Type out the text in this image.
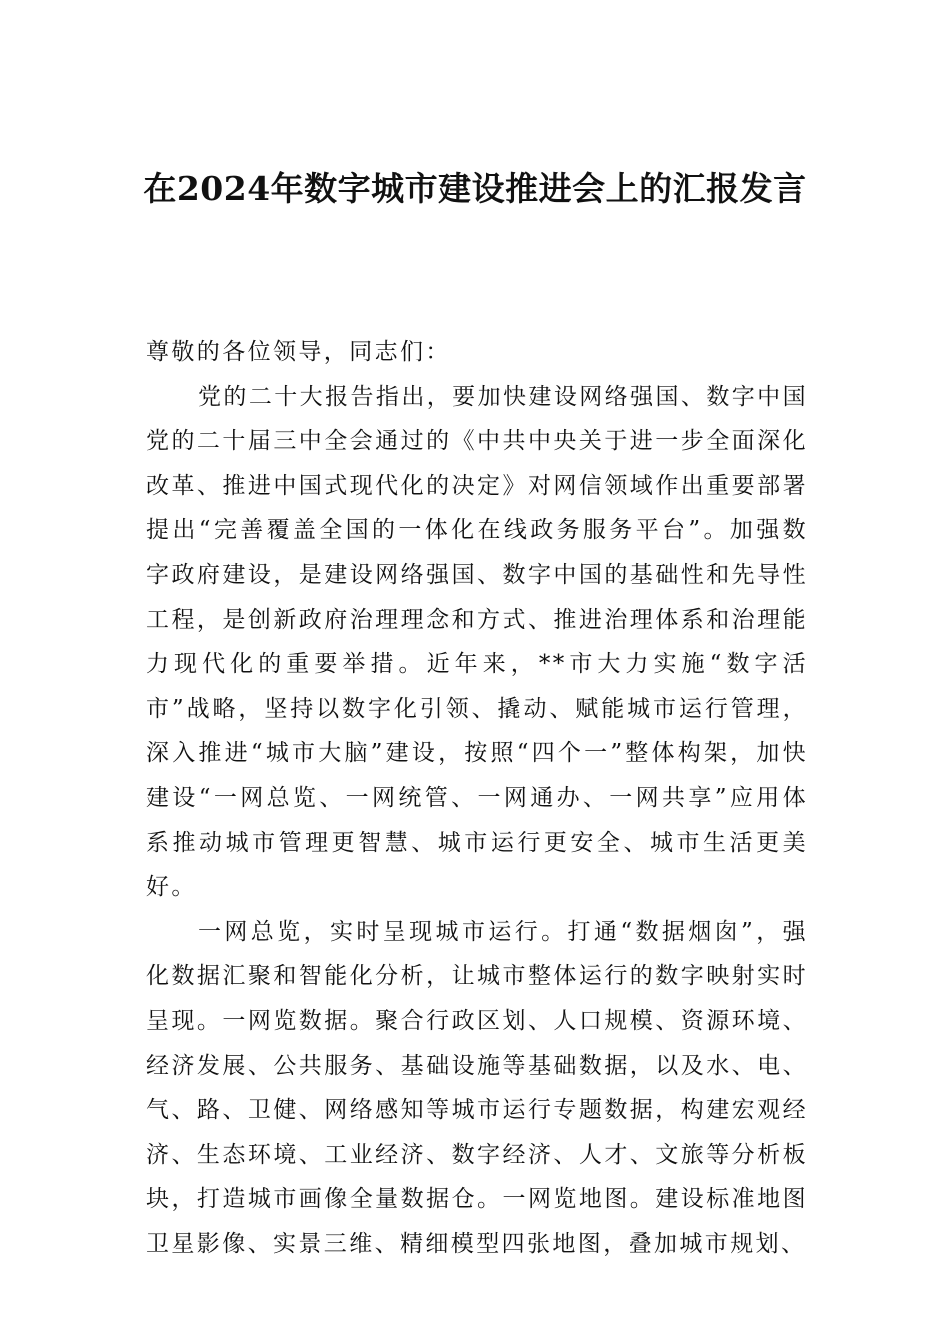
在2024年数字城市建设推进会上的汇报发言

尊敬的各位领导，同志们：

党的二十大报告指出，要加快建设网络强国、数字中国党的二十届三中全会通过的《中共中央关于进一步全面深化改革、推进中国式现代化的决定》对网信领域作出重要部署提出“完善覆盖全国的一体化在线政务服务平台”。加强数字政府建设，是建设网络强国、数字中国的基础性和先导性工程，是创新政府治理理念和方式、推进治理体系和治理能力现代化的重要举措。近年来，**市大力实施“数字活市”战略，坚持以数字化引领、撬动、赋能城市运行管理，深入推进“城市大脑”建设，按照“四个一”整体构架，加快建设“一网总览、一网统管、一网通办、一网共享”应用体系推动城市管理更智慧、城市运行更安全、城市生活更美好。

一网总览，实时呈现城市运行。打通“数据烟囱”，强化数据汇聚和智能化分析，让城市整体运行的数字映射实时呈现。一网览数据。聚合行政区划、人口规模、资源环境、经济发展、公共服务、基础设施等基础数据，以及水、电、气、路、卫健、网络感知等城市运行专题数据，构建宏观经济、生态环境、工业经济、数字经济、人才、文旅等分析板块，打造城市画像全量数据仓。一网览地图。建设标准地图卫星影像、实景三维、精细模型四张地图，叠加城市规划、
